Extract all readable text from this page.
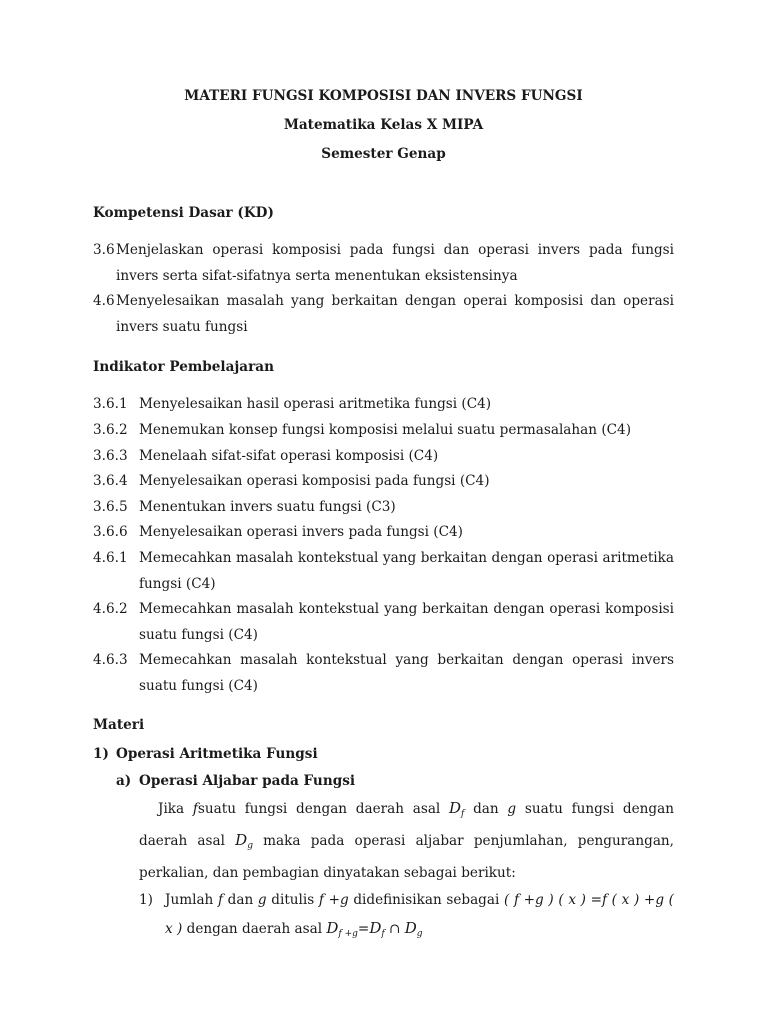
MATERI FUNGSI KOMPOSISI DAN INVERS FUNGSI
Matematika Kelas X MIPA
Semester Genap
Kompetensi Dasar (KD)
3.6 Menjelaskan operasi komposisi pada fungsi dan operasi invers pada fungsi invers serta sifat-sifatnya serta menentukan eksistensinya
4.6 Menyelesaikan masalah yang berkaitan dengan operai komposisi dan operasi invers suatu fungsi
Indikator Pembelajaran
3.6.1 Menyelesaikan hasil operasi aritmetika fungsi (C4)
3.6.2 Menemukan konsep fungsi komposisi melalui suatu permasalahan (C4)
3.6.3 Menelaah sifat-sifat operasi komposisi (C4)
3.6.4 Menyelesaikan operasi komposisi pada fungsi (C4)
3.6.5 Menentukan invers suatu fungsi (C3)
3.6.6 Menyelesaikan operasi invers pada fungsi (C4)
4.6.1 Memecahkan masalah kontekstual yang berkaitan dengan operasi aritmetika fungsi (C4)
4.6.2 Memecahkan masalah kontekstual yang berkaitan dengan operasi komposisi suatu fungsi (C4)
4.6.3 Memecahkan masalah kontekstual yang berkaitan dengan operasi invers suatu fungsi (C4)
Materi
1) Operasi Aritmetika Fungsi
a) Operasi Aljabar pada Fungsi

Jika fsuatu fungsi dengan daerah asal $D_f$ dan g suatu fungsi dengan daerah asal $D_g$ maka pada operasi aljabar penjumlahan, pengurangan, perkalian, dan pembagian dinyatakan sebagai berikut:

1) Jumlah f dan g ditulis f +g didefinisikan sebagai ( f +g ) ( x ) =f ( x ) +g ( x ) dengan daerah asal $D_{f +g}=D_f$ ∩ $D_g$
